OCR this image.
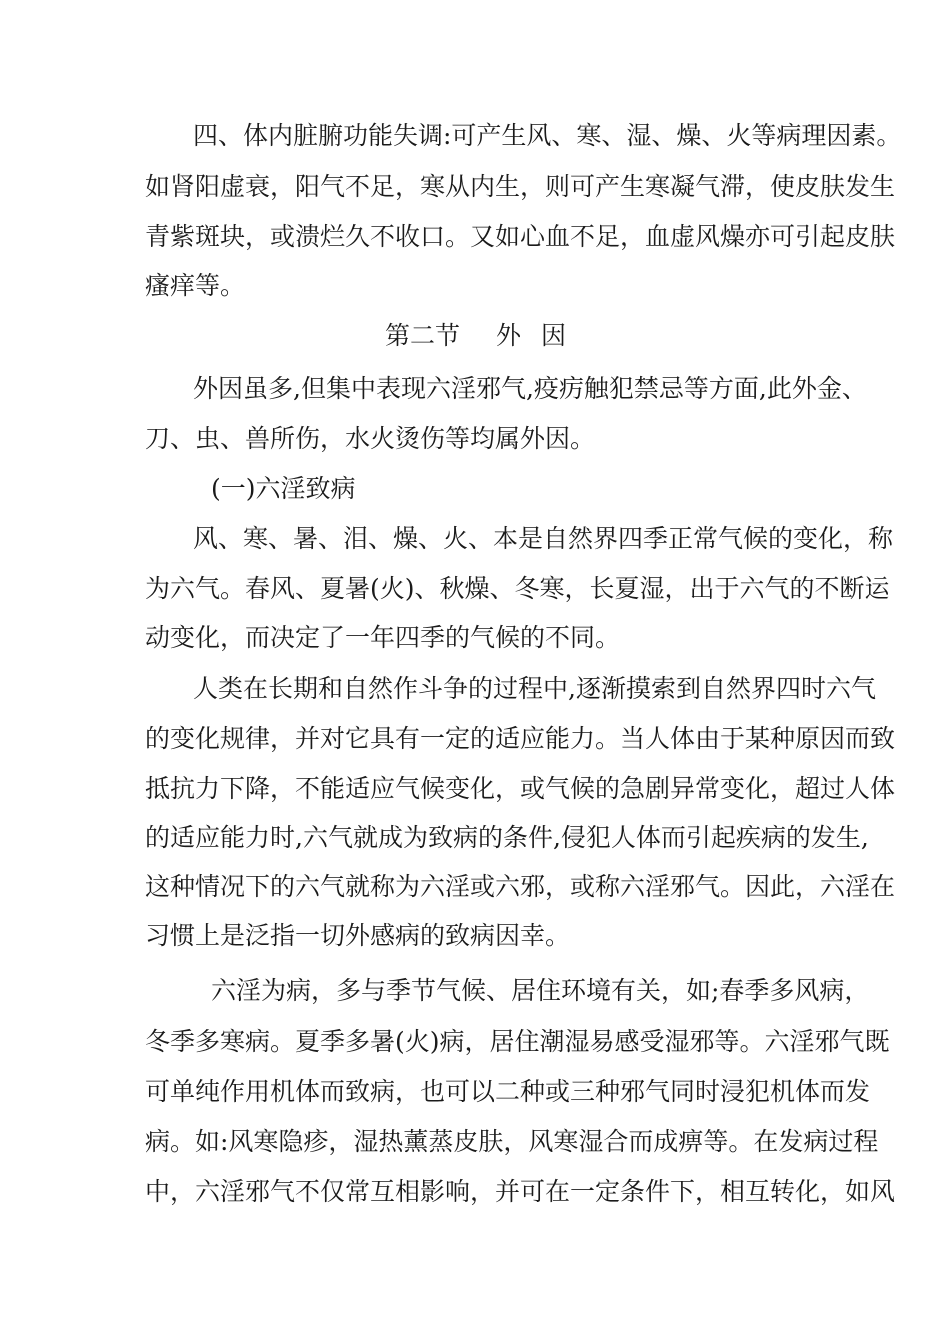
四、体内脏腑功能失调:可产生风、寒、湿、燥、火等病理因素。
如肾阳虚衰，阳气不足，寒从内生，则可产生寒凝气滞，使皮肤发生
青紫斑块，或溃烂久不收口。又如心血不足，血虚风燥亦可引起皮肤
瘙痒等。
第二节 外因
外因虽多,但集中表现六淫邪气,疫疠触犯禁忌等方面,此外金、
刀、虫、兽所伤，水火烫伤等均属外因。
(一)六淫致病
风、寒、暑、泪、燥、火、本是自然界四季正常气候的变化，称
为六气。春风、夏暑(火)、秋燥、冬寒，长夏湿，出于六气的不断运
动变化，而决定了一年四季的气候的不同。
人类在长期和自然作斗争的过程中,逐渐摸索到自然界四时六气
的变化规律，并对它具有一定的适应能力。当人体由于某种原因而致
抵抗力下降，不能适应气候变化，或气候的急剧异常变化，超过人体
的适应能力时,六气就成为致病的条件,侵犯人体而引起疾病的发生,
这种情况下的六气就称为六淫或六邪，或称六淫邪气。因此，六淫在
习惯上是泛指一切外感病的致病因幸。
六淫为病，多与季节气候、居住环境有关，如;春季多风病，
冬季多寒病。夏季多暑(火)病，居住潮湿易感受湿邪等。六淫邪气既
可单纯作用机体而致病，也可以二种或三种邪气同时浸犯机体而发
病。如:风寒隐疹，湿热薰蒸皮肤，风寒湿合而成痹等。在发病过程
中，六淫邪气不仅常互相影响，并可在一定条件下，相互转化，如风
